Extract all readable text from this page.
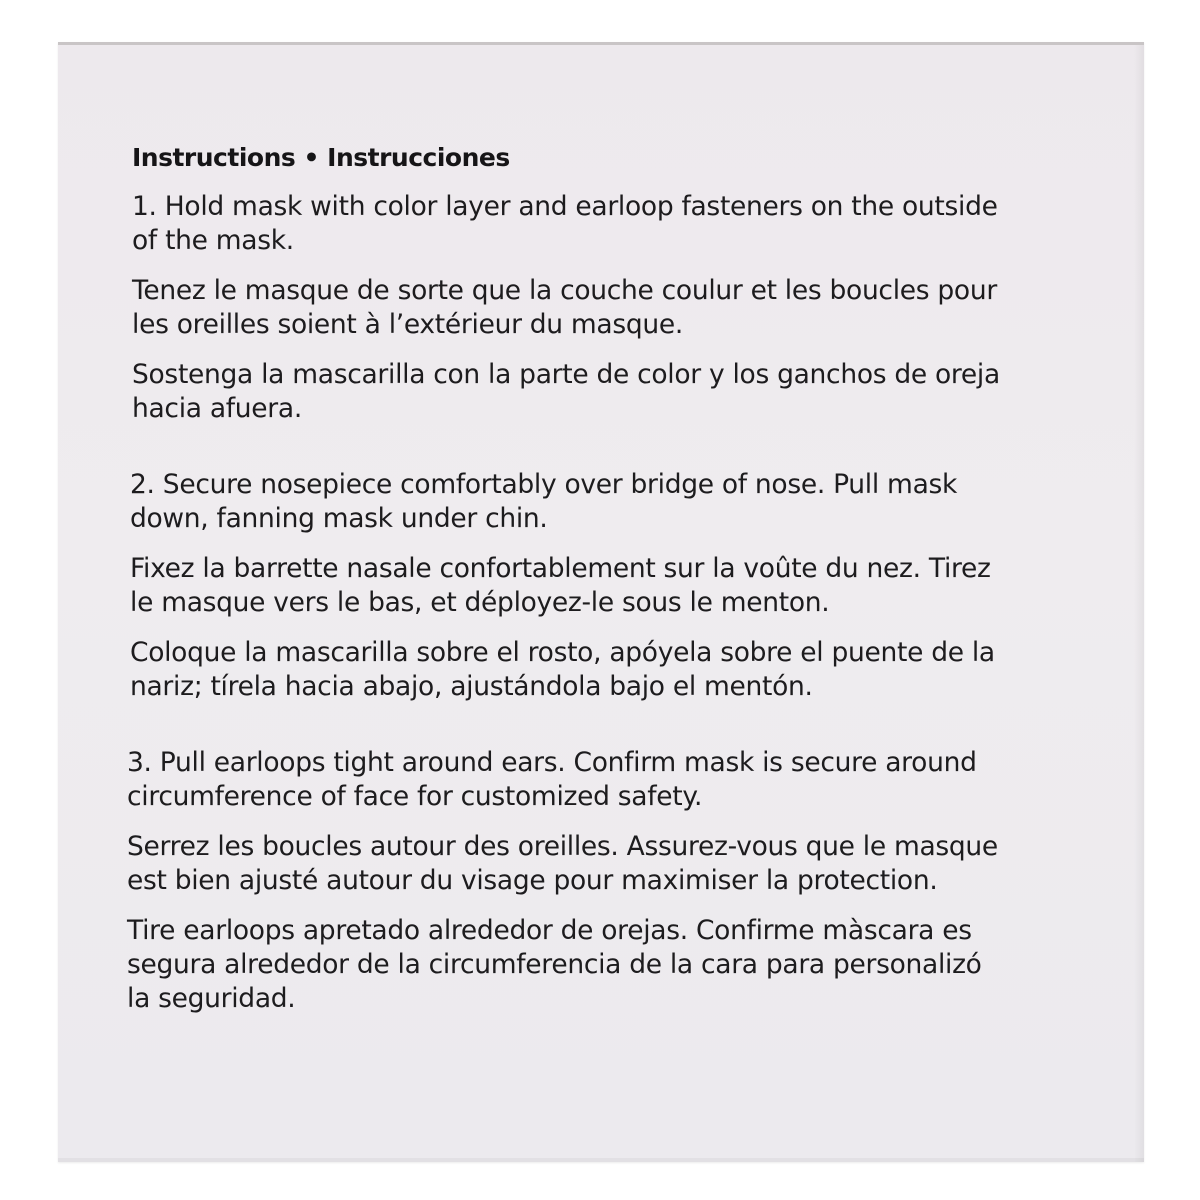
Instructions • Instrucciones
1. Hold mask with color layer and earloop fasteners on the outside
of the mask.
Tenez le masque de sorte que la couche coulur et les boucles pour
les oreilles soient à l’extérieur du masque.
Sostenga la mascarilla con la parte de color y los ganchos de oreja
hacia afuera.
2. Secure nosepiece comfortably over bridge of nose. Pull mask
down, fanning mask under chin.
Fixez la barrette nasale confortablement sur la voûte du nez. Tirez
le masque vers le bas, et déployez-le sous le menton.
Coloque la mascarilla sobre el rosto, apóyela sobre el puente de la
nariz; tírela hacia abajo, ajustándola bajo el mentón.
3. Pull earloops tight around ears. Confirm mask is secure around
circumference of face for customized safety.
Serrez les boucles autour des oreilles. Assurez-vous que le masque
est bien ajusté autour du visage pour maximiser la protection.
Tire earloops apretado alrededor de orejas. Confirme màscara es
segura alrededor de la circumferencia de la cara para personalizó
la seguridad.
